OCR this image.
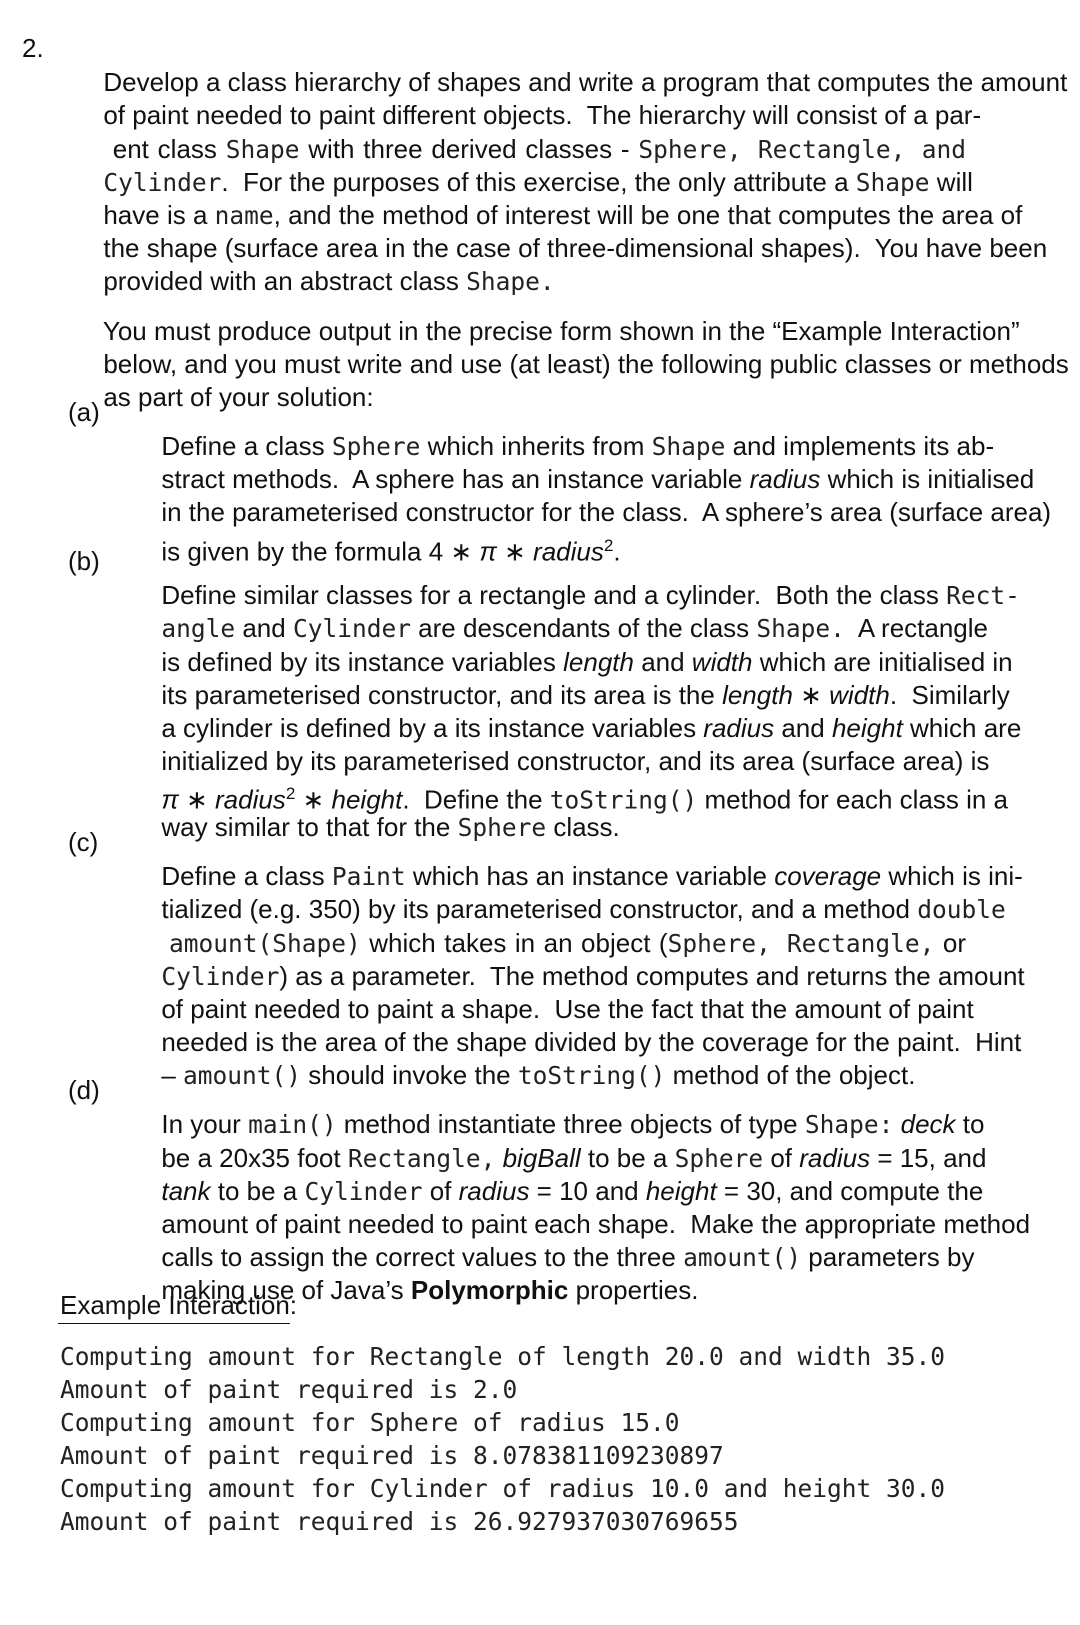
2.

Develop a class hierarchy of shapes and write a program that computes the amount

of paint needed to paint different objects.  The hierarchy will consist of a par-

ent class Shape with three derived classes - Sphere, Rectangle, and

Cylinder.  For the purposes of this exercise, the only attribute a Shape will

have is a name, and the method of interest will be one that computes the area of

the shape (surface area in the case of three-dimensional shapes).  You have been

provided with an abstract class Shape.

You must produce output in the precise form shown in the “Example Interaction”

below, and you must write and use (at least) the following public classes or methods

as part of your solution:

(a)

Define a class Sphere which inherits from Shape and implements its ab-

stract methods.  A sphere has an instance variable radius which is initialised

in the parameterised constructor for the class.  A sphere’s area (surface area)

is given by the formula 4 ∗ π ∗ radius$^2$.

(b)

Define similar classes for a rectangle and a cylinder.  Both the class Rect-

angle and Cylinder are descendants of the class Shape.  A rectangle

is defined by its instance variables length and width which are initialised in

its parameterised constructor, and its area is the length ∗ width.  Similarly

a cylinder is defined by a its instance variables radius and height which are

initialized by its parameterised constructor, and its area (surface area) is

π ∗ radius$^2$ ∗ height.  Define the toString() method for each class in a

way similar to that for the Sphere class.

(c)

Define a class Paint which has an instance variable coverage which is ini-

tialized (e.g. 350) by its parameterised constructor, and a method double

amount(Shape) which takes in an object (Sphere, Rectangle, or

Cylinder) as a parameter.  The method computes and returns the amount

of paint needed to paint a shape.  Use the fact that the amount of paint

needed is the area of the shape divided by the coverage for the paint.  Hint

– amount() should invoke the toString() method of the object.

(d)

In your main() method instantiate three objects of type Shape: deck to

be a 20x35 foot Rectangle, bigBall to be a Sphere of radius = 15, and

tank to be a Cylinder of radius = 10 and height = 30, and compute the

amount of paint needed to paint each shape.  Make the appropriate method

calls to assign the correct values to the three amount() parameters by

making use of Java’s Polymorphic properties.

Example Interaction:
Computing amount for Rectangle of length 20.0 and width 35.0
Amount of paint required is 2.0
Computing amount for Sphere of radius 15.0
Amount of paint required is 8.078381109230897
Computing amount for Cylinder of radius 10.0 and height 30.0
Amount of paint required is 26.927937030769655
